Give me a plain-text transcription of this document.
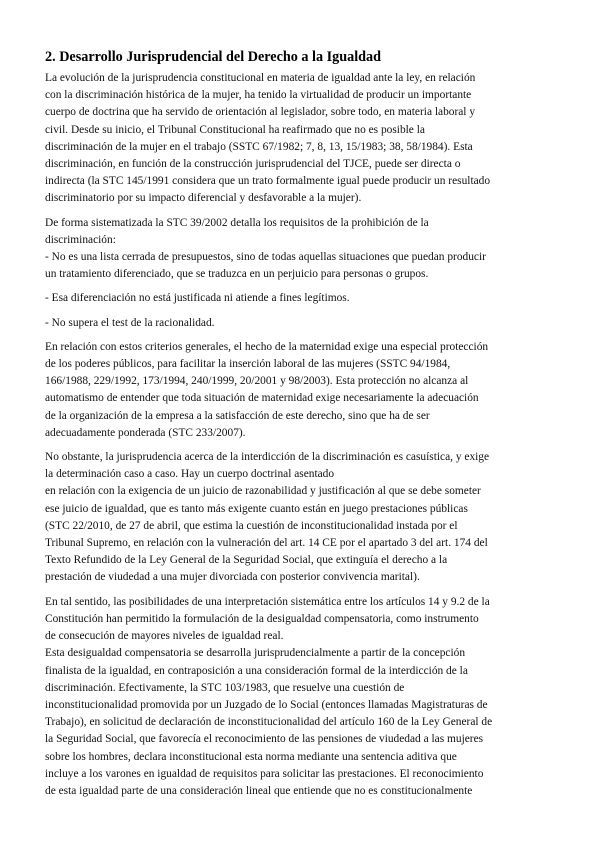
2. Desarrollo Jurisprudencial del Derecho a la Igualdad

La evolución de la jurisprudencia constitucional en materia de igualdad ante la ley, en relación
con la discriminación histórica de la mujer, ha tenido la virtualidad de producir un importante
cuerpo de doctrina que ha servido de orientación al legislador, sobre todo, en materia laboral y
civil. Desde su inicio, el Tribunal Constitucional ha reafirmado que no es posible la
discriminación de la mujer en el trabajo (SSTC 67/1982; 7, 8, 13, 15/1983; 38, 58/1984). Esta
discriminación, en función de la construcción jurisprudencial del TJCE, puede ser directa o
indirecta (la STC 145/1991 considera que un trato formalmente igual puede producir un resultado
discriminatorio por su impacto diferencial y desfavorable a la mujer).

De forma sistematizada la STC 39/2002 detalla los requisitos de la prohibición de la
discriminación:
- No es una lista cerrada de presupuestos, sino de todas aquellas situaciones que puedan producir
un tratamiento diferenciado, que se traduzca en un perjuicio para personas o grupos.

- Esa diferenciación no está justificada ni atiende a fines legítimos.

- No supera el test de la racionalidad.

En relación con estos criterios generales, el hecho de la maternidad exige una especial protección
de los poderes públicos, para facilitar la inserción laboral de las mujeres (SSTC 94/1984,
166/1988, 229/1992, 173/1994, 240/1999, 20/2001 y 98/2003). Esta protección no alcanza al
automatismo de entender que toda situación de maternidad exige necesariamente la adecuación
de la organización de la empresa a la satisfacción de este derecho, sino que ha de ser
adecuadamente ponderada (STC 233/2007).

No obstante, la jurisprudencia acerca de la interdicción de la discriminación es casuística, y exige
la determinación caso a caso. Hay un cuerpo doctrinal asentado
en relación con la exigencia de un juicio de razonabilidad y justificación al que se debe someter
ese juicio de igualdad, que es tanto más exigente cuanto están en juego prestaciones públicas
(STC 22/2010, de 27 de abril, que estima la cuestión de inconstitucionalidad instada por el
Tribunal Supremo, en relación con la vulneración del art. 14 CE por el apartado 3 del art. 174 del
Texto Refundido de la Ley General de la Seguridad Social, que extinguía el derecho a la
prestación de viudedad a una mujer divorciada con posterior convivencia marital).

En tal sentido, las posibilidades de una interpretación sistemática entre los artículos 14 y 9.2 de la
Constitución han permitido la formulación de la desigualdad compensatoria, como instrumento
de consecución de mayores niveles de igualdad real.
Esta desigualdad compensatoria se desarrolla jurisprudencialmente a partir de la concepción
finalista de la igualdad, en contraposición a una consideración formal de la interdicción de la
discriminación. Efectivamente, la STC 103/1983, que resuelve una cuestión de
inconstitucionalidad promovida por un Juzgado de lo Social (entonces llamadas Magistraturas de
Trabajo), en solicitud de declaración de inconstitucionalidad del artículo 160 de la Ley General de
la Seguridad Social, que favorecía el reconocimiento de las pensiones de viudedad a las mujeres
sobre los hombres, declara inconstitucional esta norma mediante una sentencia aditiva que
incluye a los varones en igualdad de requisitos para solicitar las prestaciones. El reconocimiento
de esta igualdad parte de una consideración lineal que entiende que no es constitucionalmente
